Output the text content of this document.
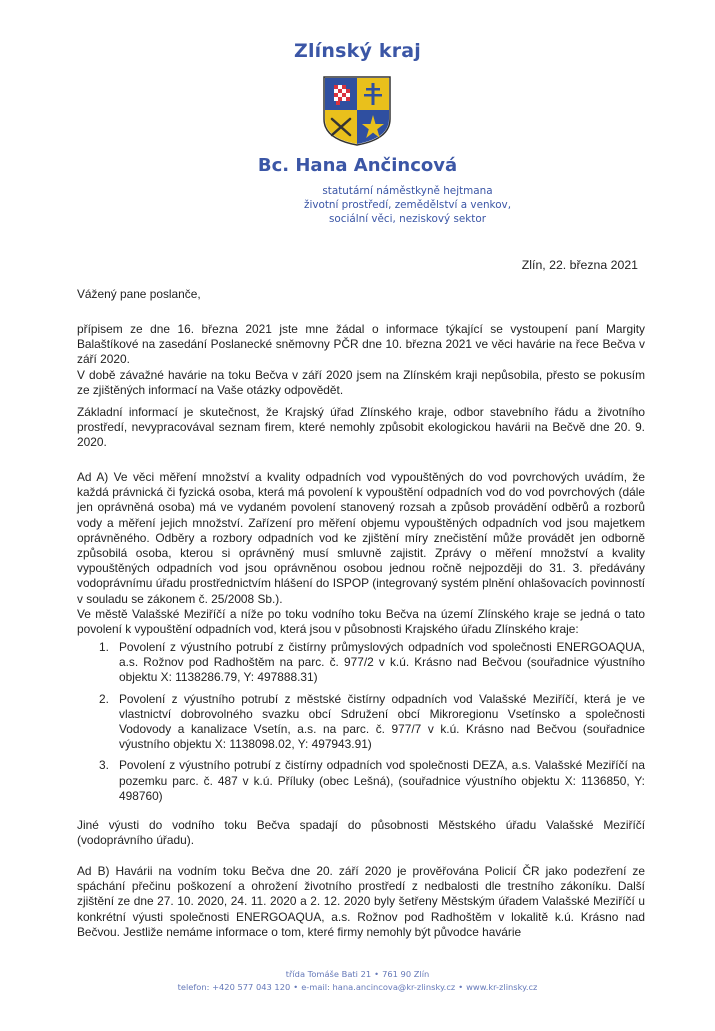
Zlínský kraj
Bc. Hana Ančincová
statutární náměstkyně hejtmana
životní prostředí, zemědělství a venkov,
sociální věci, neziskový sektor
Zlín, 22. března 2021
Vážený pane poslanče,
přípisem ze dne 16. března 2021 jste mne žádal o informace týkající se vystoupení paní Margity Balaštíkové na zasedání Poslanecké sněmovny PČR dne 10. března 2021 ve věci havárie na řece Bečva v září 2020.
V době závažné havárie na toku Bečva v září 2020 jsem na Zlínském kraji nepůsobila, přesto se pokusím ze zjištěných informací na Vaše otázky odpovědět.
Základní informací je skutečnost, že Krajský úřad Zlínského kraje, odbor stavebního řádu a životního prostředí, nevypracovával seznam firem, které nemohly způsobit ekologickou havárii na Bečvě dne 20. 9. 2020.
Ad A) Ve věci měření množství a kvality odpadních vod vypouštěných do vod povrchových uvádím, že každá právnická či fyzická osoba, která má povolení k vypouštění odpadních vod do vod povrchových (dále jen oprávněná osoba) má ve vydaném povolení stanovený rozsah a způsob provádění odběrů a rozborů vody a měření jejich množství. Zařízení pro měření objemu vypouštěných odpadních vod jsou majetkem oprávněného. Odběry a rozbory odpadních vod ke zjištění míry znečistění může provádět jen odborně způsobilá osoba, kterou si oprávněný musí smluvně zajistit. Zprávy o měření množství a kvality vypouštěných odpadních vod jsou oprávněnou osobou jednou ročně nejpozději do 31. 3. předávány vodoprávnímu úřadu prostřednictvím hlášení do ISPOP (integrovaný systém plnění ohlašovacích povinností v souladu se zákonem č. 25/2008 Sb.).
Ve městě Valašské Meziříčí a níže po toku vodního toku Bečva na území Zlínského kraje se jedná o tato povolení k vypouštění odpadních vod, která jsou v působnosti Krajského úřadu Zlínského kraje:
1. Povolení z výustního potrubí z čistírny průmyslových odpadních vod společnosti ENERGOAQUA, a.s. Rožnov pod Radhoštěm na parc. č. 977/2 v k.ú. Krásno nad Bečvou (souřadnice výustního objektu X: 1138286.79, Y: 497888.31)
2. Povolení z výustního potrubí z městské čistírny odpadních vod Valašské Meziříčí, která je ve vlastnictví dobrovolného svazku obcí Sdružení obcí Mikroregionu Vsetínsko a společnosti Vodovody a kanalizace Vsetín, a.s. na parc. č. 977/7 v k.ú. Krásno nad Bečvou (souřadnice výustního objektu X: 1138098.02, Y: 497943.91)
3. Povolení z výustního potrubí z čistírny odpadních vod společnosti DEZA, a.s. Valašské Meziříčí na pozemku parc. č. 487 v k.ú. Příluky (obec Lešná), (souřadnice výustního objektu X: 1136850, Y: 498760)
Jiné výusti do vodního toku Bečva spadají do působnosti Městského úřadu Valašské Meziříčí (vodoprávního úřadu).
Ad B) Havárii na vodním toku Bečva dne 20. září 2020 je prověřována Policií ČR jako podezření ze spáchání přečinu poškození a ohrožení životního prostředí z nedbalosti dle trestního zákoníku. Další zjištění ze dne 27. 10. 2020, 24. 11. 2020 a 2. 12. 2020 byly šetřeny Městským úřadem Valašské Meziříčí u konkrétní výusti společnosti ENERGOAQUA, a.s. Rožnov pod Radhoštěm v lokalitě k.ú. Krásno nad Bečvou. Jestliže nemáme informace o tom, které firmy nemohly být původce havárie
třída Tomáše Bati 21 • 761 90 Zlín
telefon: +420 577 043 120 • e-mail: hana.ancincova@kr-zlinsky.cz • www.kr-zlinsky.cz
